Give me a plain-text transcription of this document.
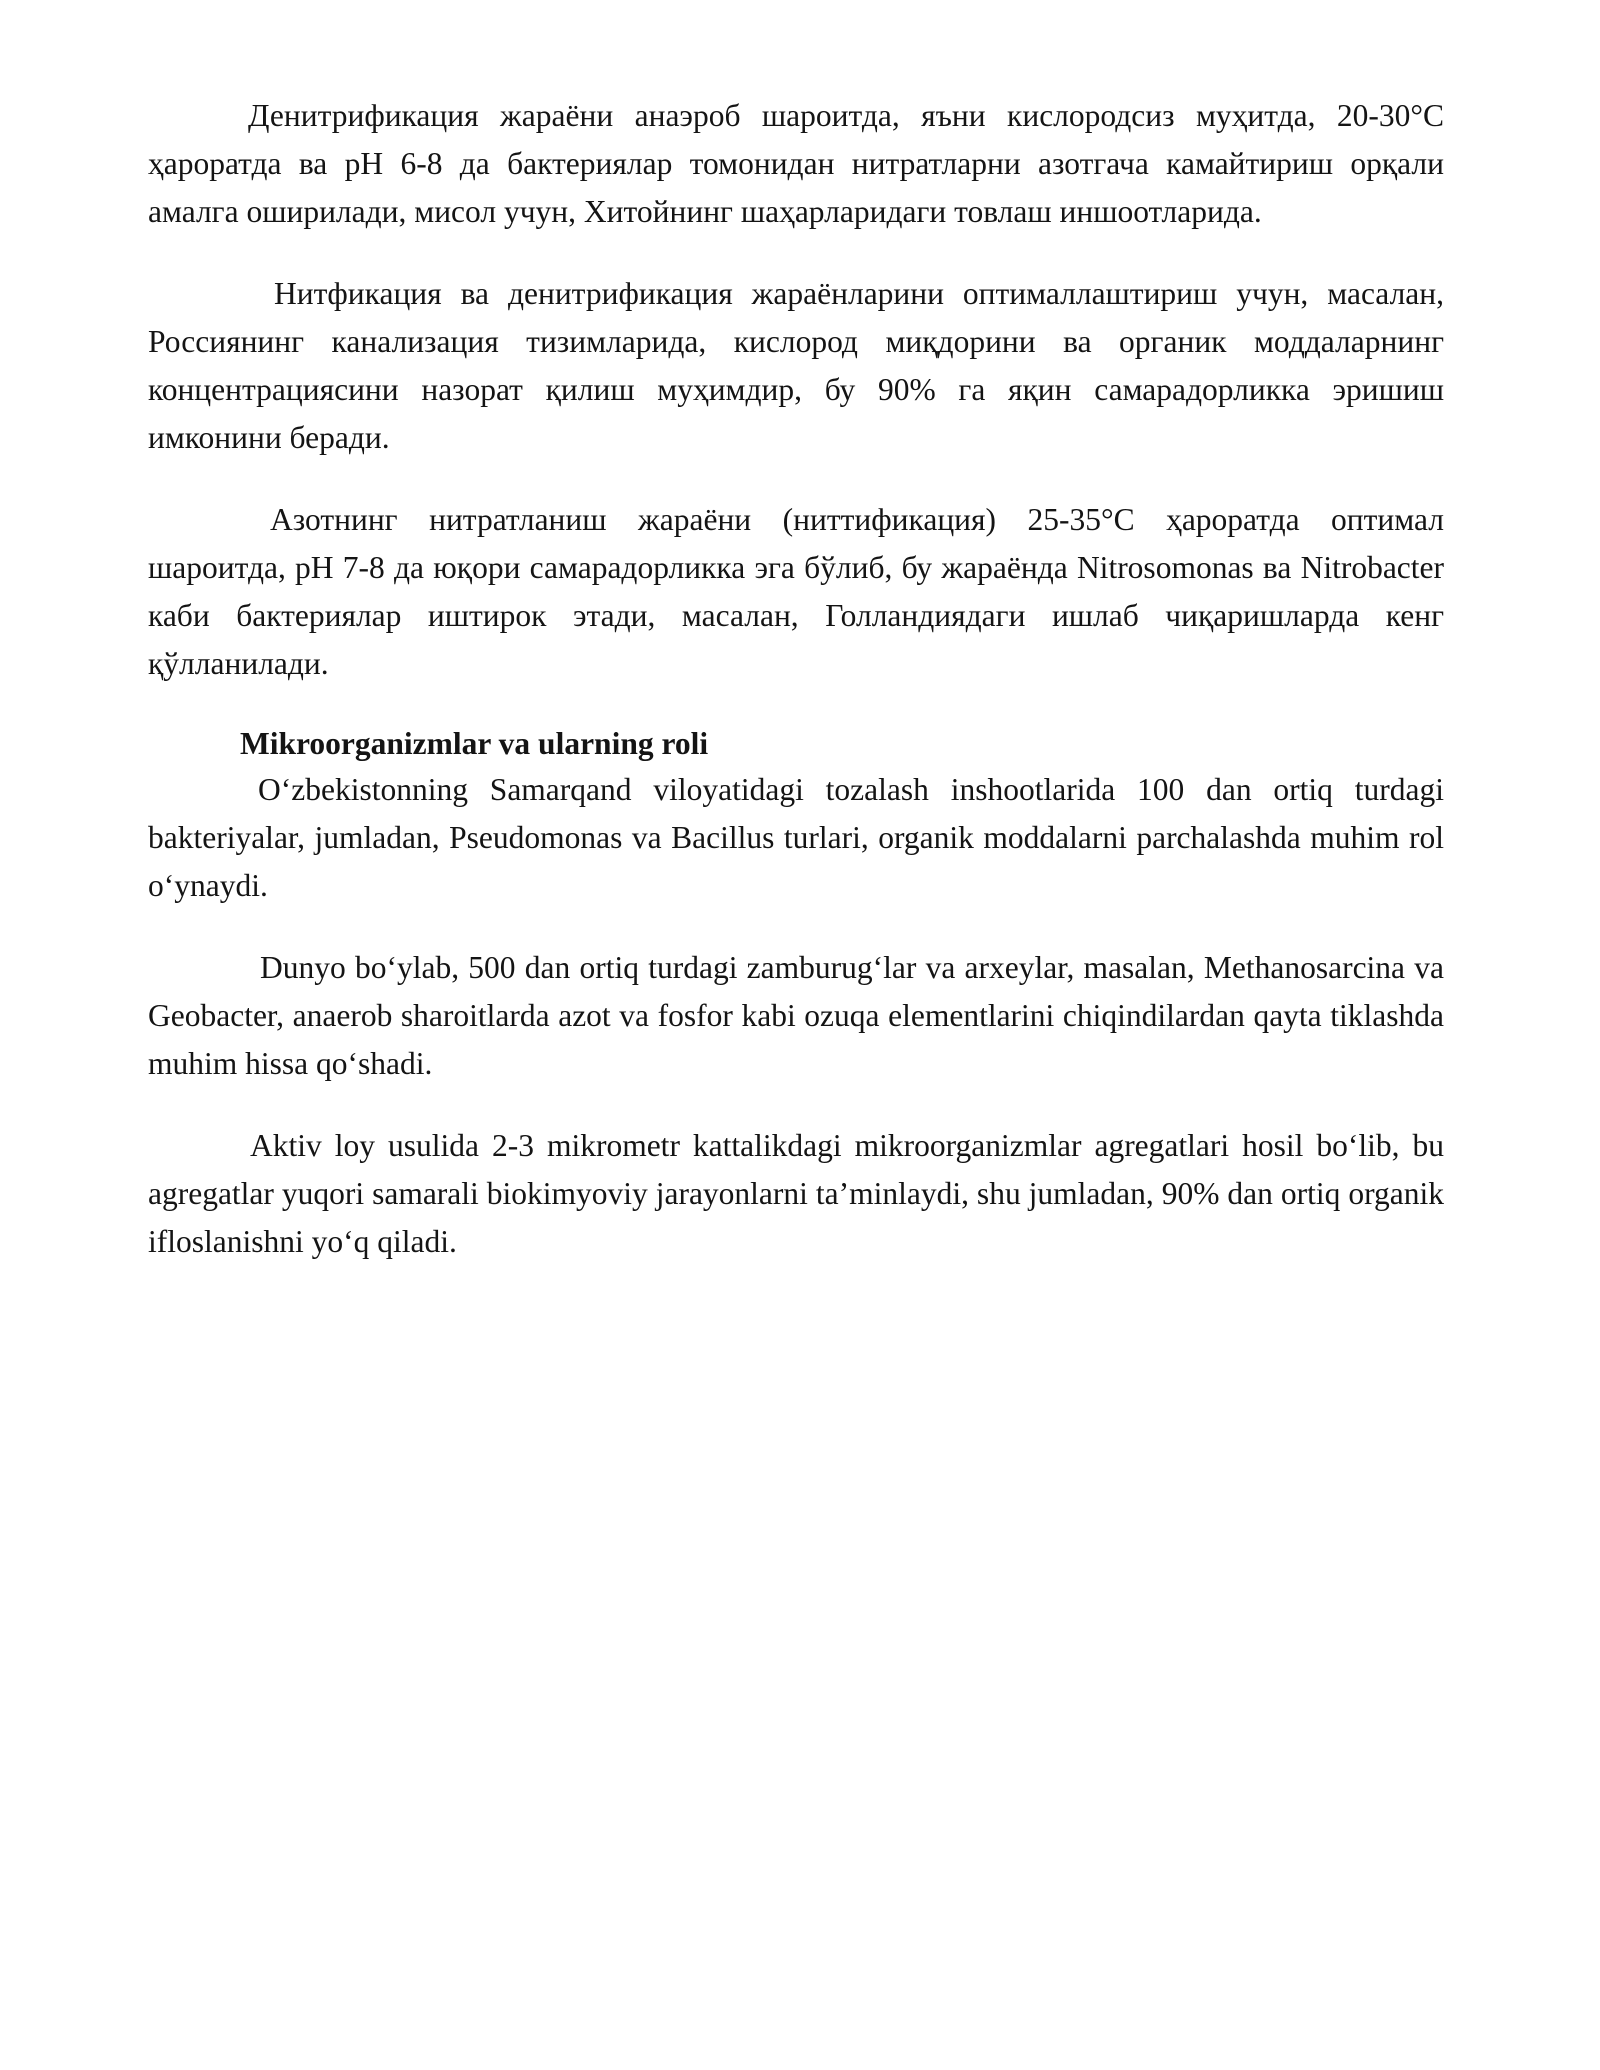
Денитрификация жараёни анаэроб шароитда, яъни кислородсиз муҳитда, 20-30°C ҳароратда ва pH 6-8 да бактериялар томонидан нитратларни азотгача камайтириш орқали амалга оширилади, мисол учун, Хитойнинг шаҳарларидаги товлаш иншоотларида.

Нитфикация ва денитрификация жараёнларини оптималлаштириш учун, масалан, Россиянинг канализация тизимларида, кислород миқдорини ва органик моддаларнинг концентрациясини назорат қилиш муҳимдир, бу 90% га яқин самарадорликка эришиш имконини беради.

Азотнинг нитратланиш жараёни (ниттификация) 25-35°C ҳароратда оптимал шароитда, pH 7-8 да юқори самарадорликка эга бўлиб, бу жараёнда Nitrosomonas ва Nitrobacter каби бактериялар иштирок этади, масалан, Голландиядаги ишлаб чиқаришларда кенг қўлланилади.

Mikroorganizmlar va ularning roli

O‘zbekistonning Samarqand viloyatidagi tozalash inshootlarida 100 dan ortiq turdagi bakteriyalar, jumladan, Pseudomonas va Bacillus turlari, organik moddalarni parchalashda muhim rol o‘ynaydi.

Dunyo bo‘ylab, 500 dan ortiq turdagi zamburug‘lar va arxeylar, masalan, Methanosarcina va Geobacter, anaerob sharoitlarda azot va fosfor kabi ozuqa elementlarini chiqindilardan qayta tiklashda muhim hissa qo‘shadi.

Aktiv loy usulida 2-3 mikrometr kattalikdagi mikroorganizmlar agregatlari hosil bo‘lib, bu agregatlar yuqori samarali biokimyoviy jarayonlarni ta’minlaydi, shu jumladan, 90% dan ortiq organik ifloslanishni yo‘q qiladi.
